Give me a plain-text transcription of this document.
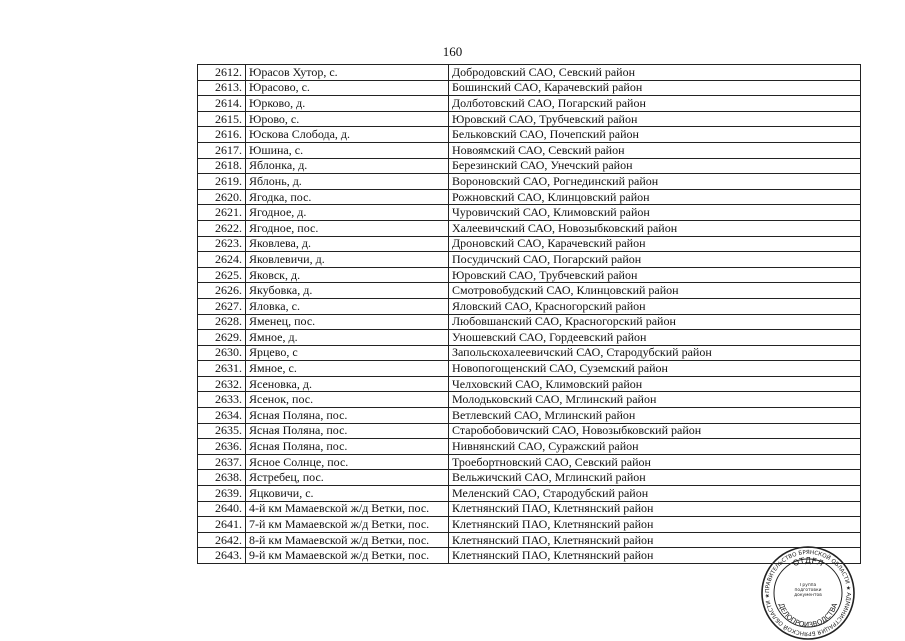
160
2612.	Юрасов Хутор, с.	Добродовский САО, Севский район
2613.	Юрасово, с.	Бошинский САО, Карачевский район
2614.	Юрково, д.	Долботовский САО, Погарский район
2615.	Юрово, с.	Юровский САО, Трубчевский район
2616.	Юскова Слобода, д.	Бельковский САО, Почепский район
2617.	Юшина, с.	Новоямский САО, Севский район
2618.	Яблонка, д.	Березинский САО, Унечский район
2619.	Яблонь, д.	Вороновский САО, Рогнединский район
2620.	Ягодка, пос.	Рожновский САО, Клинцовский район
2621.	Ягодное, д.	Чуровичский САО, Климовский район
2622.	Ягодное, пос.	Халеевичский САО, Новозыбковский район
2623.	Яковлева, д.	Дроновский САО, Карачевский район
2624.	Яковлевичи, д.	Посудичский САО, Погарский район
2625.	Яковск, д.	Юровский САО, Трубчевский район
2626.	Якубовка, д.	Смотровобудский САО, Клинцовский район
2627.	Яловка, с.	Яловский САО, Красногорский район
2628.	Яменец, пос.	Любовшанский САО, Красногорский район
2629.	Ямное, д.	Уношевский САО, Гордеевский район
2630.	Ярцево, с	Запольскохалеевичский САО, Стародубский район
2631.	Ямное, с.	Новопогощенский САО, Суземский район
2632.	Ясеновка, д.	Челховский САО, Климовский район
2633.	Ясенок, пос.	Молодьковский САО, Мглинский район
2634.	Ясная Поляна, пос.	Ветлевский САО, Мглинский район
2635.	Ясная Поляна, пос.	Старобобовичский САО, Новозыбковский район
2636.	Ясная Поляна, пос.	Нивнянский САО, Суражский район
2637.	Ясное Солнце, пос.	Троебортновский САО, Севский район
2638.	Ястребец, пос.	Вельжичский САО, Мглинский район
2639.	Яцковичи, с.	Меленский САО, Стародубский район
2640.	4-й км Мамаевской ж/д Ветки, пос.	Клетнянский ПАО, Клетнянский район
2641.	7-й км Мамаевской ж/д Ветки, пос.	Клетнянский ПАО, Клетнянский район
2642.	8-й км Мамаевской ж/д Ветки, пос.	Клетнянский ПАО, Клетнянский район
2643.	9-й км Мамаевской ж/д Ветки, пос.	Клетнянский ПАО, Клетнянский район
ПРАВИТЕЛЬСТВО БРЯНСКОЙ ОБЛАСТИ ★ АДМИНИСТРАЦИЯ БРЯНСКОЙ ОБЛАСТИ ★
ОТДЕЛ
ДЕЛОПРОИЗВОДСТВА
Группа подготовки документов
